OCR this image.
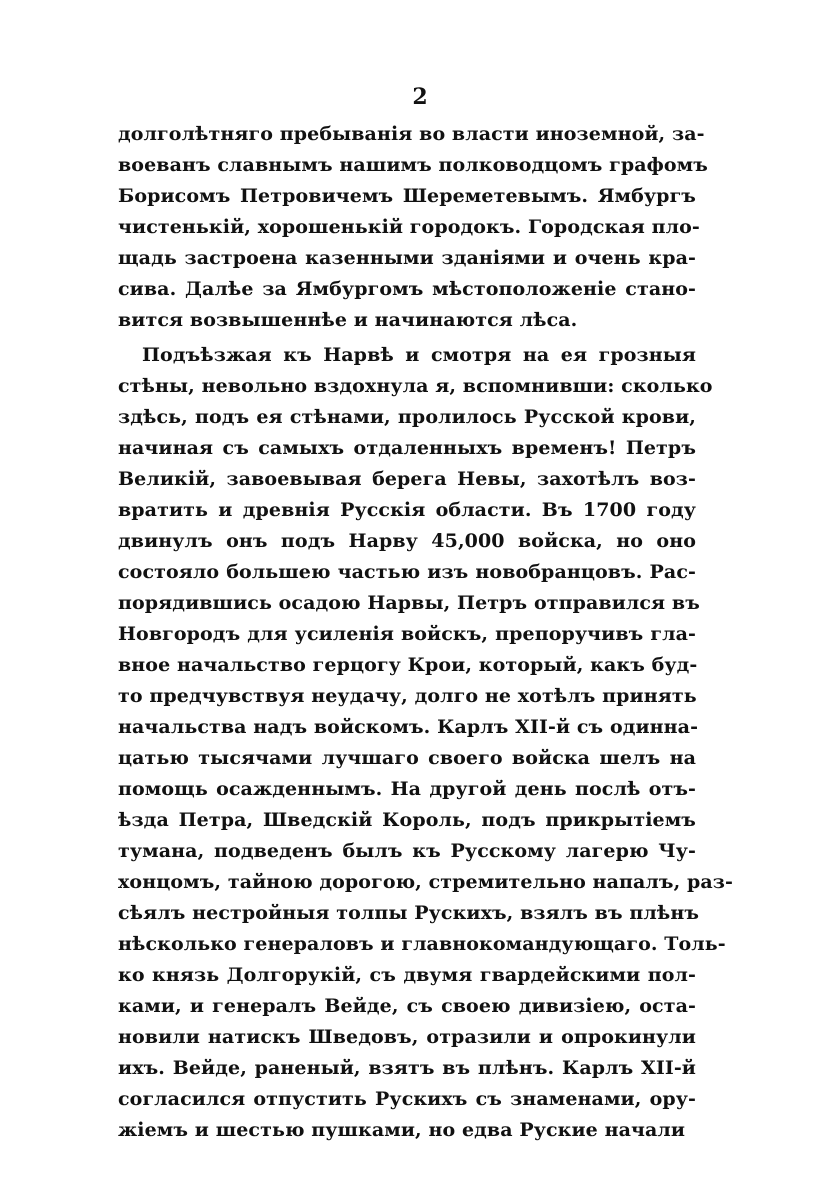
2
долголѣтняго пребыванія во власти иноземной, за-
воеванъ славнымъ нашимъ полководцомъ графомъ
Борисомъ Петровичемъ Шереметевымъ. Ямбургъ
чистенькій, хорошенькій городокъ. Городская пло-
щадь застроена казенными зданіями и очень кра-
сива. Далѣе за Ямбургомъ мѣстоположеніе стано-
вится возвышеннѣе и начинаются лѣса.
Подъѣзжая къ Нарвѣ и смотря на ея грозныя
стѣны, невольно вздохнула я, вспомнивши: сколько
здѣсь, подъ ея стѣнами, пролилось Русской крови,
начиная съ самыхъ отдаленныхъ временъ! Петръ
Великій, завоевывая берега Невы, захотѣлъ воз-
вратить и древнія Русскія области. Въ 1700 году
двинулъ онъ подъ Нарву 45,000 войска, но оно
состояло большею частью изъ новобранцовъ. Рас-
порядившись осадою Нарвы, Петръ отправился въ
Новгородъ для усиленія войскъ, препоручивъ гла-
вное начальство герцогу Крои, который, какъ буд-
то предчувствуя неудачу, долго не хотѣлъ принять
начальства надъ войскомъ. Карлъ XII-й съ одинна-
цатью тысячами лучшаго своего войска шелъ на
помощь осажденнымъ. На другой день послѣ отъ-
ѣзда Петра, Шведскій Король, подъ прикрытіемъ
тумана, подведенъ былъ къ Русскому лагерю Чу-
хонцомъ, тайною дорогою, стремительно напалъ, раз-
сѣялъ нестройныя толпы Рускихъ, взялъ въ плѣнъ
нѣсколько генераловъ и главнокомандующаго. Толь-
ко князь Долгорукій, съ двумя гвардейскими пол-
ками, и генералъ Вейде, съ своею дивизіею, оста-
новили натискъ Шведовъ, отразили и опрокинули
ихъ. Вейде, раненый, взятъ въ плѣнъ. Карлъ XII-й
согласился отпустить Рускихъ съ знаменами, ору-
жіемъ и шестью пушками, но едва Руские начали
